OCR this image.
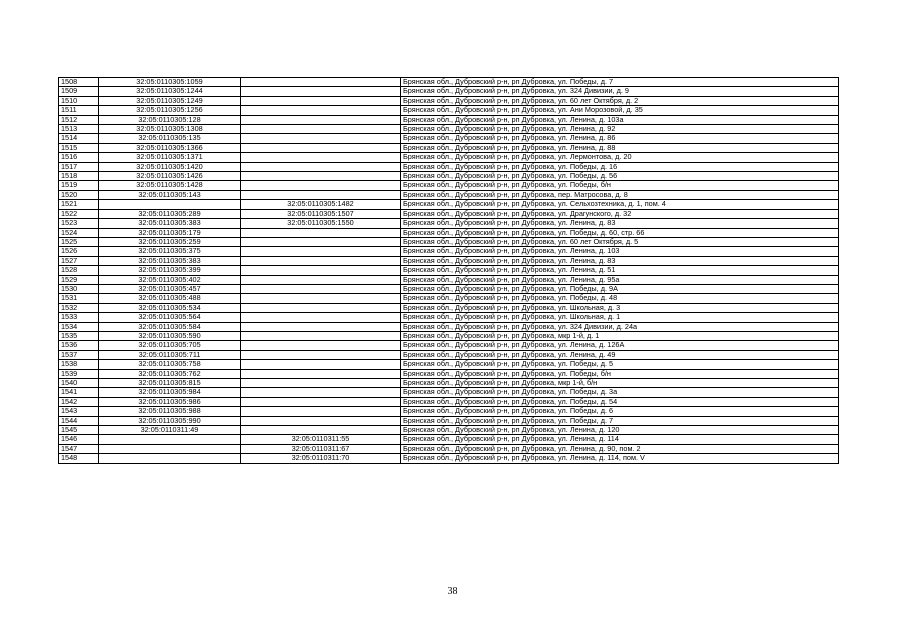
1508	32:05:0110305:1059		Брянская обл., Дубровский р-н, рп Дубровка, ул. Победы, д. 7
1509	32:05:0110305:1244		Брянская обл., Дубровский р-н, рп Дубровка, ул. 324 Дивизии, д. 9
1510	32:05:0110305:1249		Брянская обл., Дубровский р-н, рп Дубровка, ул. 60 лет Октября, д. 2
1511	32:05:0110305:1256		Брянская обл., Дубровский р-н, рп Дубровка, ул. Ани Морозовой, д. 35
1512	32:05:0110305:128		Брянская обл., Дубровский р-н, рп Дубровка, ул. Ленина, д. 103а
1513	32:05:0110305:1308		Брянская обл., Дубровский р-н, рп Дубровка, ул. Ленина, д. 92
1514	32:05:0110305:135		Брянская обл., Дубровский р-н, рп Дубровка, ул. Ленина, д. 86
1515	32:05:0110305:1366		Брянская обл., Дубровский р-н, рп Дубровка, ул. Ленина, д. 88
1516	32:05:0110305:1371		Брянская обл., Дубровский р-н, рп Дубровка, ул. Лермонтова, д. 20
1517	32:05:0110305:1420		Брянская обл., Дубровский р-н, рп Дубровка, ул. Победы, д. 16
1518	32:05:0110305:1426		Брянская обл., Дубровский р-н, рп Дубровка, ул. Победы, д. 56
1519	32:05:0110305:1428		Брянская обл., Дубровский р-н, рп Дубровка, ул. Победы, б/н
1520	32:05:0110305:143		Брянская обл., Дубровский р-н, рп Дубровка, пер. Матросова, д. 8
1521		32:05:0110305:1482	Брянская обл., Дубровский р-н, рп Дубровка, ул. Сельхозтехника, д. 1, пом. 4
1522	32:05:0110305:289	32:05:0110305:1507	Брянская обл., Дубровский р-н, рп Дубровка, ул. Драгунского, д. 32
1523	32:05:0110305:383	32:05:0110305:1550	Брянская обл., Дубровский р-н, рп Дубровка, ул. Ленина, д. 83
1524	32:05:0110305:179		Брянская обл., Дубровский р-н, рп Дубровка, ул. Победы, д. 60, стр. 66
1525	32:05:0110305:259		Брянская обл., Дубровский р-н, рп Дубровка, ул. 60 лет Октября, д. 5
1526	32:05:0110305:375		Брянская обл., Дубровский р-н, рп Дубровка, ул. Ленина, д. 103
1527	32:05:0110305:383		Брянская обл., Дубровский р-н, рп Дубровка, ул. Ленина, д. 83
1528	32:05:0110305:399		Брянская обл., Дубровский р-н, рп Дубровка, ул. Ленина, д. 51
1529	32:05:0110305:402		Брянская обл., Дубровский р-н, рп Дубровка, ул. Ленина, д. 95а
1530	32:05:0110305:457		Брянская обл., Дубровский р-н, рп Дубровка, ул. Победы, д. 9А
1531	32:05:0110305:488		Брянская обл., Дубровский р-н, рп Дубровка, ул. Победы, д. 48
1532	32:05:0110305:534		Брянская обл., Дубровский р-н, рп Дубровка, ул. Школьная, д. 3
1533	32:05:0110305:564		Брянская обл., Дубровский р-н, рп Дубровка, ул. Школьная, д. 1
1534	32:05:0110305:584		Брянская обл., Дубровский р-н, рп Дубровка, ул. 324 Дивизии, д. 24а
1535	32:05:0110305:590		Брянская обл., Дубровский р-н, рп Дубровка, мкр 1-й, д. 1
1536	32:05:0110305:705		Брянская обл., Дубровский р-н, рп Дубровка, ул. Ленина, д. 126А
1537	32:05:0110305:711		Брянская обл., Дубровский р-н, рп Дубровка, ул. Ленина, д. 49
1538	32:05:0110305:758		Брянская обл., Дубровский р-н, рп Дубровка, ул. Победы, д. 5
1539	32:05:0110305:762		Брянская обл., Дубровский р-н, рп Дубровка, ул. Победы, б/н
1540	32:05:0110305:815		Брянская обл., Дубровский р-н, рп Дубровка, мкр 1-й, б/н
1541	32:05:0110305:984		Брянская обл., Дубровский р-н, рп Дубровка, ул. Победы, д. 3а
1542	32:05:0110305:986		Брянская обл., Дубровский р-н, рп Дубровка, ул. Победы, д. 54
1543	32:05:0110305:988		Брянская обл., Дубровский р-н, рп Дубровка, ул. Победы, д. 6
1544	32:05:0110305:990		Брянская обл., Дубровский р-н, рп Дубровка, ул. Победы, д. 7
1545	32:05:0110311:49		Брянская обл., Дубровский р-н, рп Дубровка, ул. Ленина, д. 120
1546		32:05:0110311:55	Брянская обл., Дубровский р-н, рп Дубровка, ул. Ленина, д. 114
1547		32:05:0110311:67	Брянская обл., Дубровский р-н, рп Дубровка, ул. Ленина, д. 90, пом. 2
1548		32:05:0110311:70	Брянская обл., Дубровский р-н, рп Дубровка, ул. Ленина, д. 114, пом. V
38
